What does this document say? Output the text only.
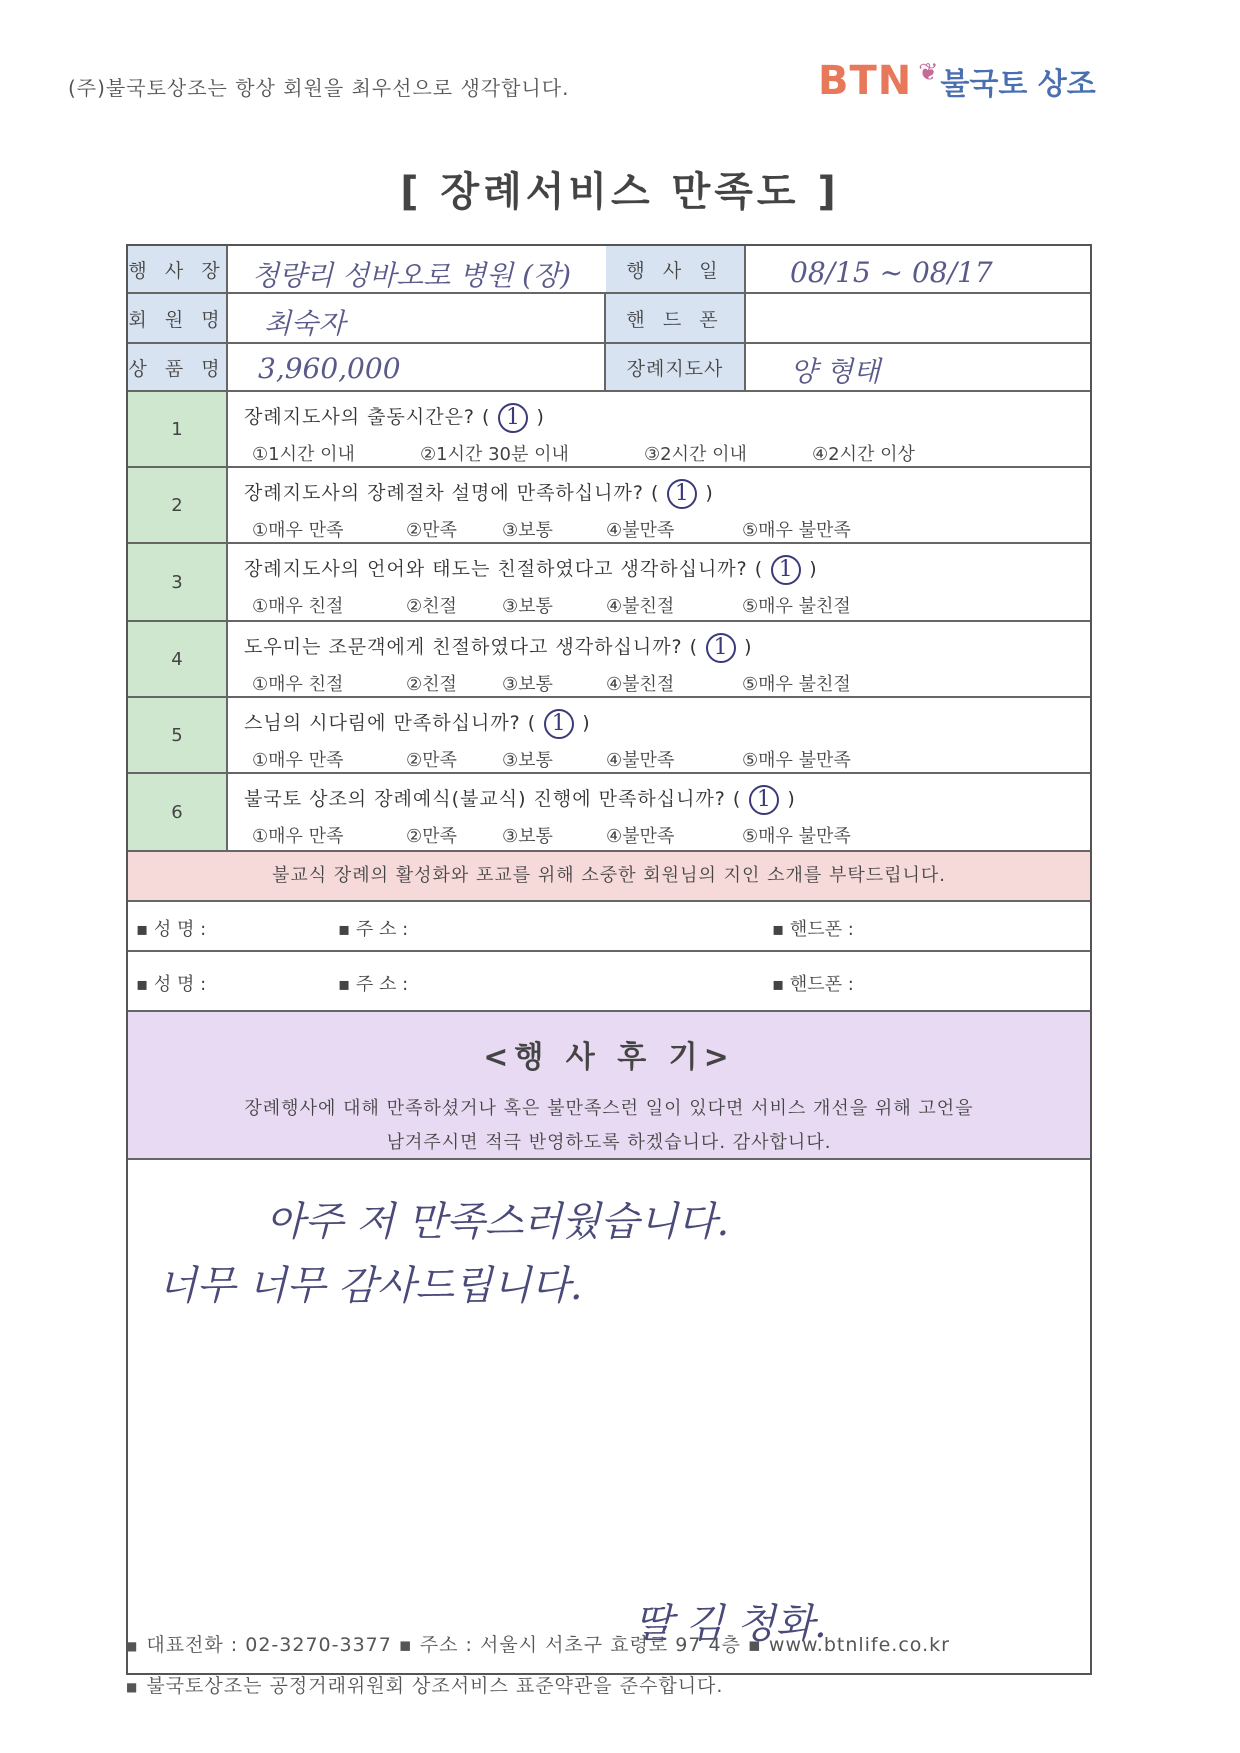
(주)불국토상조는 항상 회원을 최우선으로 생각합니다.	BTN ❦ 불국토 상조
[ 장례서비스 만족도 ]
행 사 장 청량리 성바오로 병원 (장)	행 사 일	08/15 ~ 08/17
회 원 명 최숙자	핸 드 폰
상 품 명 3,960,000	장례지도사	양 형태
1
장례지도사의 출동시간은? ( 1 )
①1시간 이내	②1시간 30분 이내	③2시간 이내	④2시간 이상
2
장례지도사의 장례절차 설명에 만족하십니까? ( 1 )
①매우 만족	②만족	③보통	④불만족	⑤매우 불만족
3
장례지도사의 언어와 태도는 친절하였다고 생각하십니까? ( 1 )
①매우 친절	②친절	③보통	④불친절	⑤매우 불친절
4
도우미는 조문객에게 친절하였다고 생각하십니까? ( 1 )
①매우 친절	②친절	③보통	④불친절	⑤매우 불친절
5
스님의 시다림에 만족하십니까? ( 1 )
①매우 만족	②만족	③보통	④불만족	⑤매우 불만족
6
불국토 상조의 장례예식(불교식) 진행에 만족하십니까? ( 1 )
①매우 만족	②만족	③보통	④불만족	⑤매우 불만족
불교식 장례의 활성화와 포교를 위해 소중한 회원님의 지인 소개를 부탁드립니다.
▪ 성 명 :	▪ 주 소 :	▪ 핸드폰 :
▪ 성 명 :	▪ 주 소 :	▪ 핸드폰 :
<행 사 후 기>
장례행사에 대해 만족하셨거나 혹은 불만족스런 일이 있다면 서비스 개선을 위해 고언을
남겨주시면 적극 반영하도록 하겠습니다. 감사합니다.
아주 저 만족스러웠습니다.
너무 너무 감사드립니다.
딸 김 청화.
■ 대표전화 : 02-3270-3377 ▪ 주소 : 서울시 서초구 효령로 97 4층 ▪ www.btnlife.co.kr
■ 불국토상조는 공정거래위원회 상조서비스 표준약관을 준수합니다.
